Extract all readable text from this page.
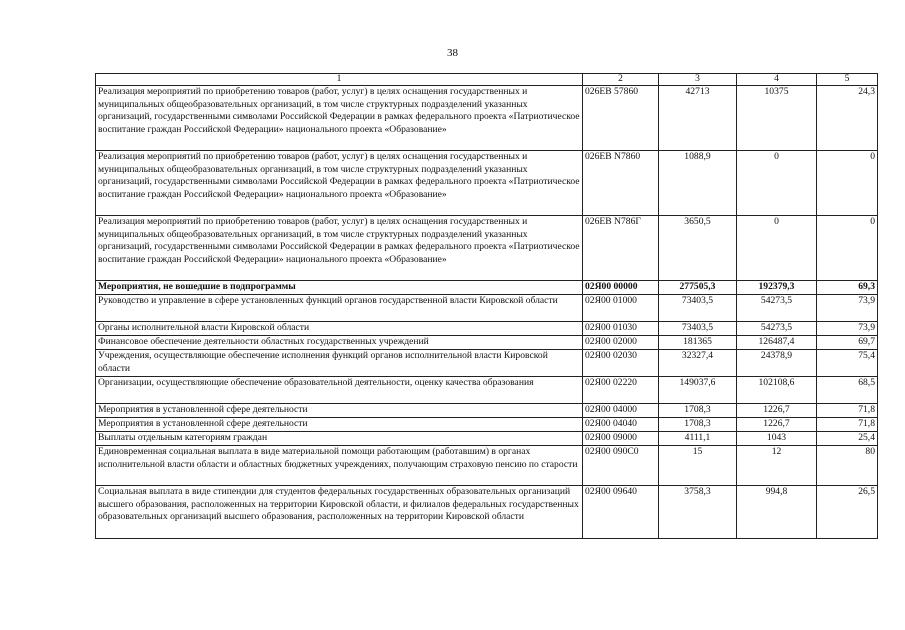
38
1	2	3	4	5
Реализация мероприятий по приобретению товаров (работ, услуг) в целях оснащения государственных и муниципальных общеобразовательных организаций, в том числе структурных подразделений указанных организаций, государственными символами Российской Федерации в рамках федерального проекта «Патриотическое воспитание граждан Российской Федерации» национального проекта «Образование»	026ЕВ 57860	42713	10375	24,3
Реализация мероприятий по приобретению товаров (работ, услуг) в целях оснащения государственных и муниципальных общеобразовательных организаций, в том числе структурных подразделений указанных организаций, государственными символами Российской Федерации в рамках федерального проекта «Патриотическое воспитание граждан Российской Федерации» национального проекта «Образование»	026ЕВ N7860	1088,9	0	0
Реализация мероприятий по приобретению товаров (работ, услуг) в целях оснащения государственных и муниципальных общеобразовательных организаций, в том числе структурных подразделений указанных организаций, государственными символами Российской Федерации в рамках федерального проекта «Патриотическое воспитание граждан Российской Федерации» национального проекта «Образование»	026ЕВ N786Г	3650,5	0	0
Мероприятия, не вошедшие в подпрограммы	02Я00 00000	277505,3	192379,3	69,3
Руководство и управление в сфере установленных функций органов государственной власти Кировской области	02Я00 01000	73403,5	54273,5	73,9
Органы исполнительной власти Кировской области	02Я00 01030	73403,5	54273,5	73,9
Финансовое обеспечение деятельности областных государственных учреждений	02Я00 02000	181365	126487,4	69,7
Учреждения, осуществляющие обеспечение исполнения функций органов исполнительной власти Кировской области	02Я00 02030	32327,4	24378,9	75,4
Организации, осуществляющие обеспечение образовательной деятельности, оценку качества образования	02Я00 02220	149037,6	102108,6	68,5
Мероприятия в установленной сфере деятельности	02Я00 04000	1708,3	1226,7	71,8
Мероприятия в установленной сфере деятельности	02Я00 04040	1708,3	1226,7	71,8
Выплаты отдельным категориям граждан	02Я00 09000	4111,1	1043	25,4
Единовременная социальная выплата в виде материальной помощи работающим (работавшим) в органах исполнительной власти области и областных бюджетных учреждениях, получающим страховую пенсию по старости	02Я00 090С0	15	12	80
Социальная выплата в виде стипендии для студентов федеральных государственных образовательных организаций высшего образования, расположенных на территории Кировской области, и филиалов федеральных государственных образовательных организаций высшего образования, расположенных на территории Кировской области	02Я00 09640	3758,3	994,8	26,5
